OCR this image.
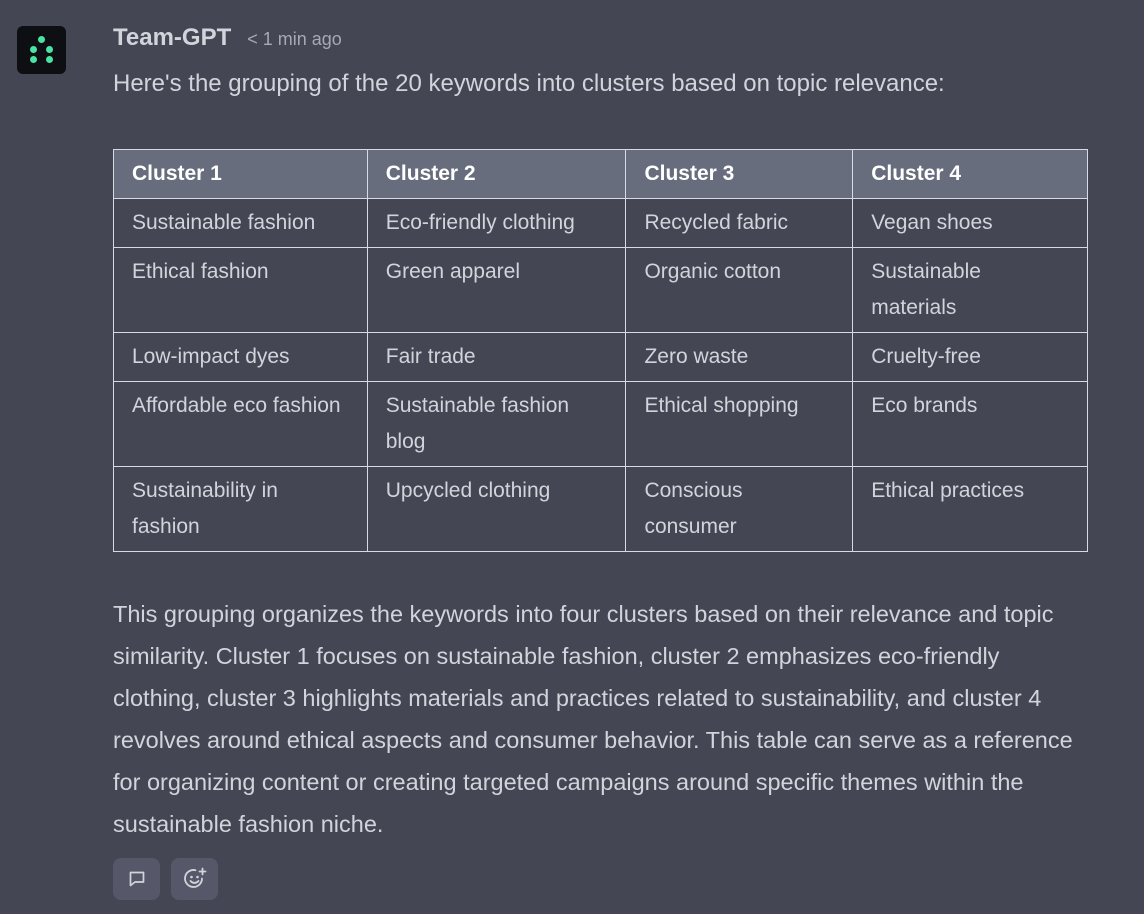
Team-GPT < 1 min ago
Here's the grouping of the 20 keywords into clusters based on topic relevance:
Cluster 1	Cluster 2	Cluster 3	Cluster 4
Sustainable fashion	Eco-friendly clothing	Recycled fabric	Vegan shoes
Ethical fashion	Green apparel	Organic cotton	Sustainable materials
Low-impact dyes	Fair trade	Zero waste	Cruelty-free
Affordable eco fashion	Sustainable fashion blog	Ethical shopping	Eco brands
Sustainability in fashion	Upcycled clothing	Conscious consumer	Ethical practices
This grouping organizes the keywords into four clusters based on their relevance and topic similarity. Cluster 1 focuses on sustainable fashion, cluster 2 emphasizes eco-friendly clothing, cluster 3 highlights materials and practices related to sustainability, and cluster 4 revolves around ethical aspects and consumer behavior. This table can serve as a reference for organizing content or creating targeted campaigns around specific themes within the sustainable fashion niche.
